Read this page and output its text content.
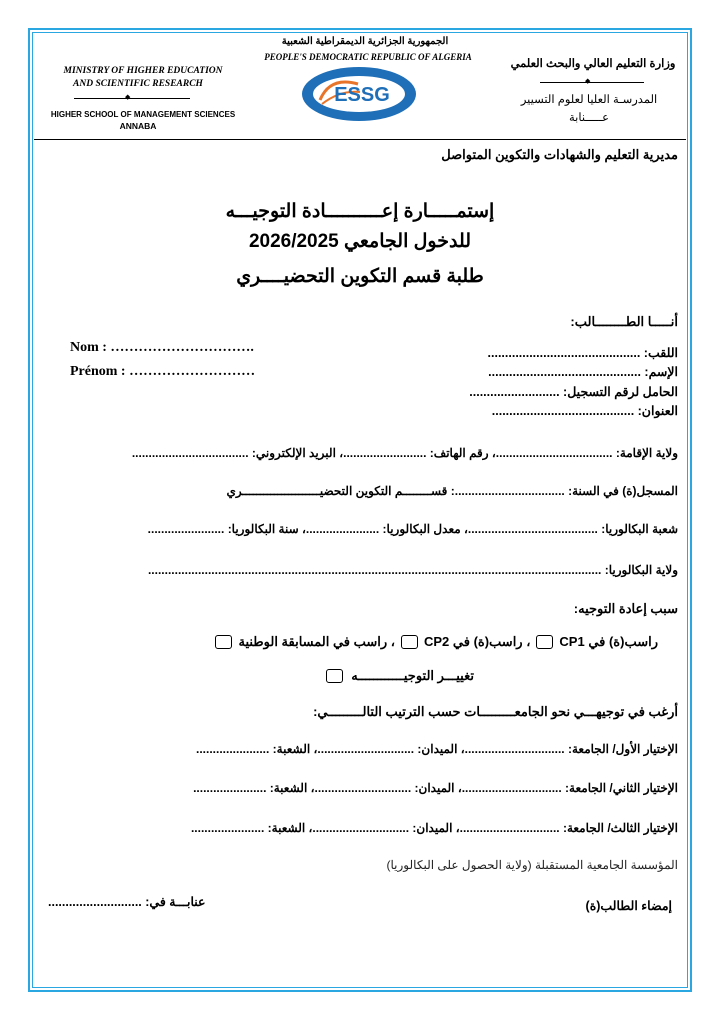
الجمهورية الجزائرية الديمقراطية الشعبية
PEOPLE'S DEMOCRATIC REPUBLIC OF ALGERIA
ESSG
MINISTRY OF HIGHER EDUCATION
AND SCIENTIFIC RESEARCH
◆
HIGHER SCHOOL OF MANAGEMENT SCIENCES
ANNABA
وزارة التعليم العالي والبحث العلمي
◆
المدرسـة العليا لعلوم التسيير
عـــــنابة
مديرية التعليم والشهادات والتكوين المتواصل
إستمـــــارة إعــــــــــادة التوجيـــه
للدخول الجامعي 2026/2025
طلبة قسم التكوين التحضيــــري
أنـــــا الطــــــــالب:
Nom : ………………………….
Prénom : ………………………
اللقب: ............................................
الإسم: ............................................
الحامل لرقم التسجيل: ..........................
العنوان: .........................................
ولاية الإقامة: ...................................، رقم الهاتف: .........................، البريد الإلكتروني: ...................................
المسجل(ة) في السنة: .................................: قســــــــم التكوين التحضيــــــــــــــــــــــري
شعبة البكالوريا: .......................................، معدل البكالوريا: ......................، سنة البكالوريا: .......................
ولاية البكالوريا: ........................................................................................................................................
سبب إعادة التوجيه:
راسب(ة) في CP1
، راسب(ة) في CP2
، راسب في المسابقة الوطنية
تغييـــر التوجيــــــــــــه
أرغب في توجيهـــي نحو الجامعـــــــــات حسب الترتيب التالـــــــــي:
الإختيار الأول/ الجامعة: ..............................، الميدان: .............................، الشعبة: ......................
الإختيار الثاني/ الجامعة: ..............................، الميدان: .............................، الشعبة: ......................
الإختيار الثالث/ الجامعة: ..............................، الميدان: .............................، الشعبة: ......................
المؤسسة الجامعية المستقبلة (ولاية الحصول على البكالوريا)
إمضاء الطالب(ة)
عنابـــة في: ...........................
